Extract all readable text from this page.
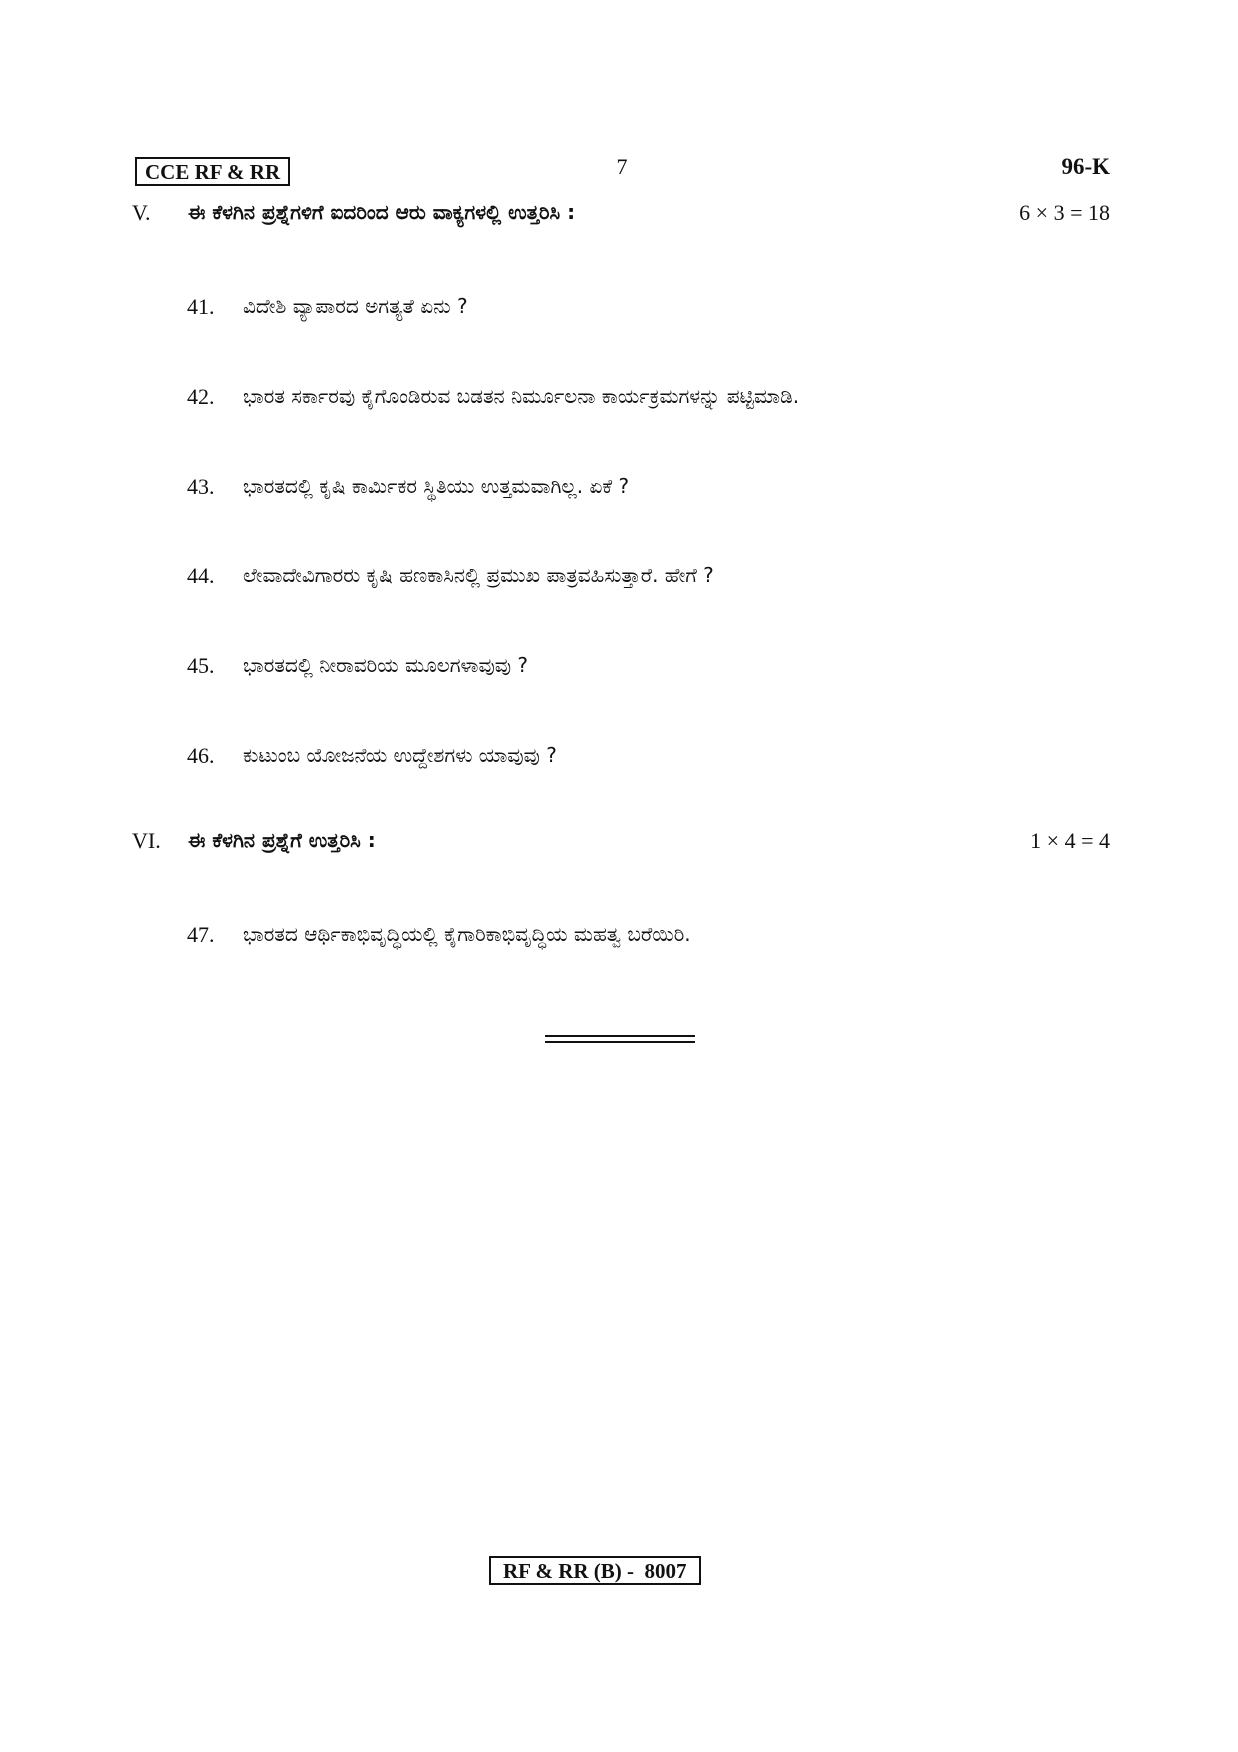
CCE RF & RR	7	96-K
V. ಈ ಕೆಳಗಿನ ಪ್ರಶ್ನೆಗಳಿಗೆ ಐದರಿಂದ ಆರು ವಾಕ್ಯಗಳಲ್ಲಿ ಉತ್ತರಿಸಿ :	6 × 3 = 18
41. ವಿದೇಶಿ ವ್ಯಾಪಾರದ ಅಗತ್ಯತೆ ಏನು ?
42. ಭಾರತ ಸರ್ಕಾರವು ಕೈಗೊಂಡಿರುವ ಬಡತನ ನಿರ್ಮೂಲನಾ ಕಾರ್ಯಕ್ರಮಗಳನ್ನು ಪಟ್ಟಿಮಾಡಿ.
43. ಭಾರತದಲ್ಲಿ ಕೃಷಿ ಕಾರ್ಮಿಕರ ಸ್ಥಿತಿಯು ಉತ್ತಮವಾಗಿಲ್ಲ. ಏಕೆ ?
44. ಲೇವಾದೇವಿಗಾರರು ಕೃಷಿ ಹಣಕಾಸಿನಲ್ಲಿ ಪ್ರಮುಖ ಪಾತ್ರವಹಿಸುತ್ತಾರೆ. ಹೇಗೆ ?
45. ಭಾರತದಲ್ಲಿ ನೀರಾವರಿಯ ಮೂಲಗಳಾವುವು ?
46. ಕುಟುಂಬ ಯೋಜನೆಯ ಉದ್ದೇಶಗಳು ಯಾವುವು ?
VI. ಈ ಕೆಳಗಿನ ಪ್ರಶ್ನೆಗೆ ಉತ್ತರಿಸಿ :	1 × 4 = 4
47. ಭಾರತದ ಆರ್ಥಿಕಾಭಿವೃದ್ಧಿಯಲ್ಲಿ ಕೈಗಾರಿಕಾಭಿವೃದ್ಧಿಯ ಮಹತ್ವ ಬರೆಯಿರಿ.
RF & RR (B) -  8007
